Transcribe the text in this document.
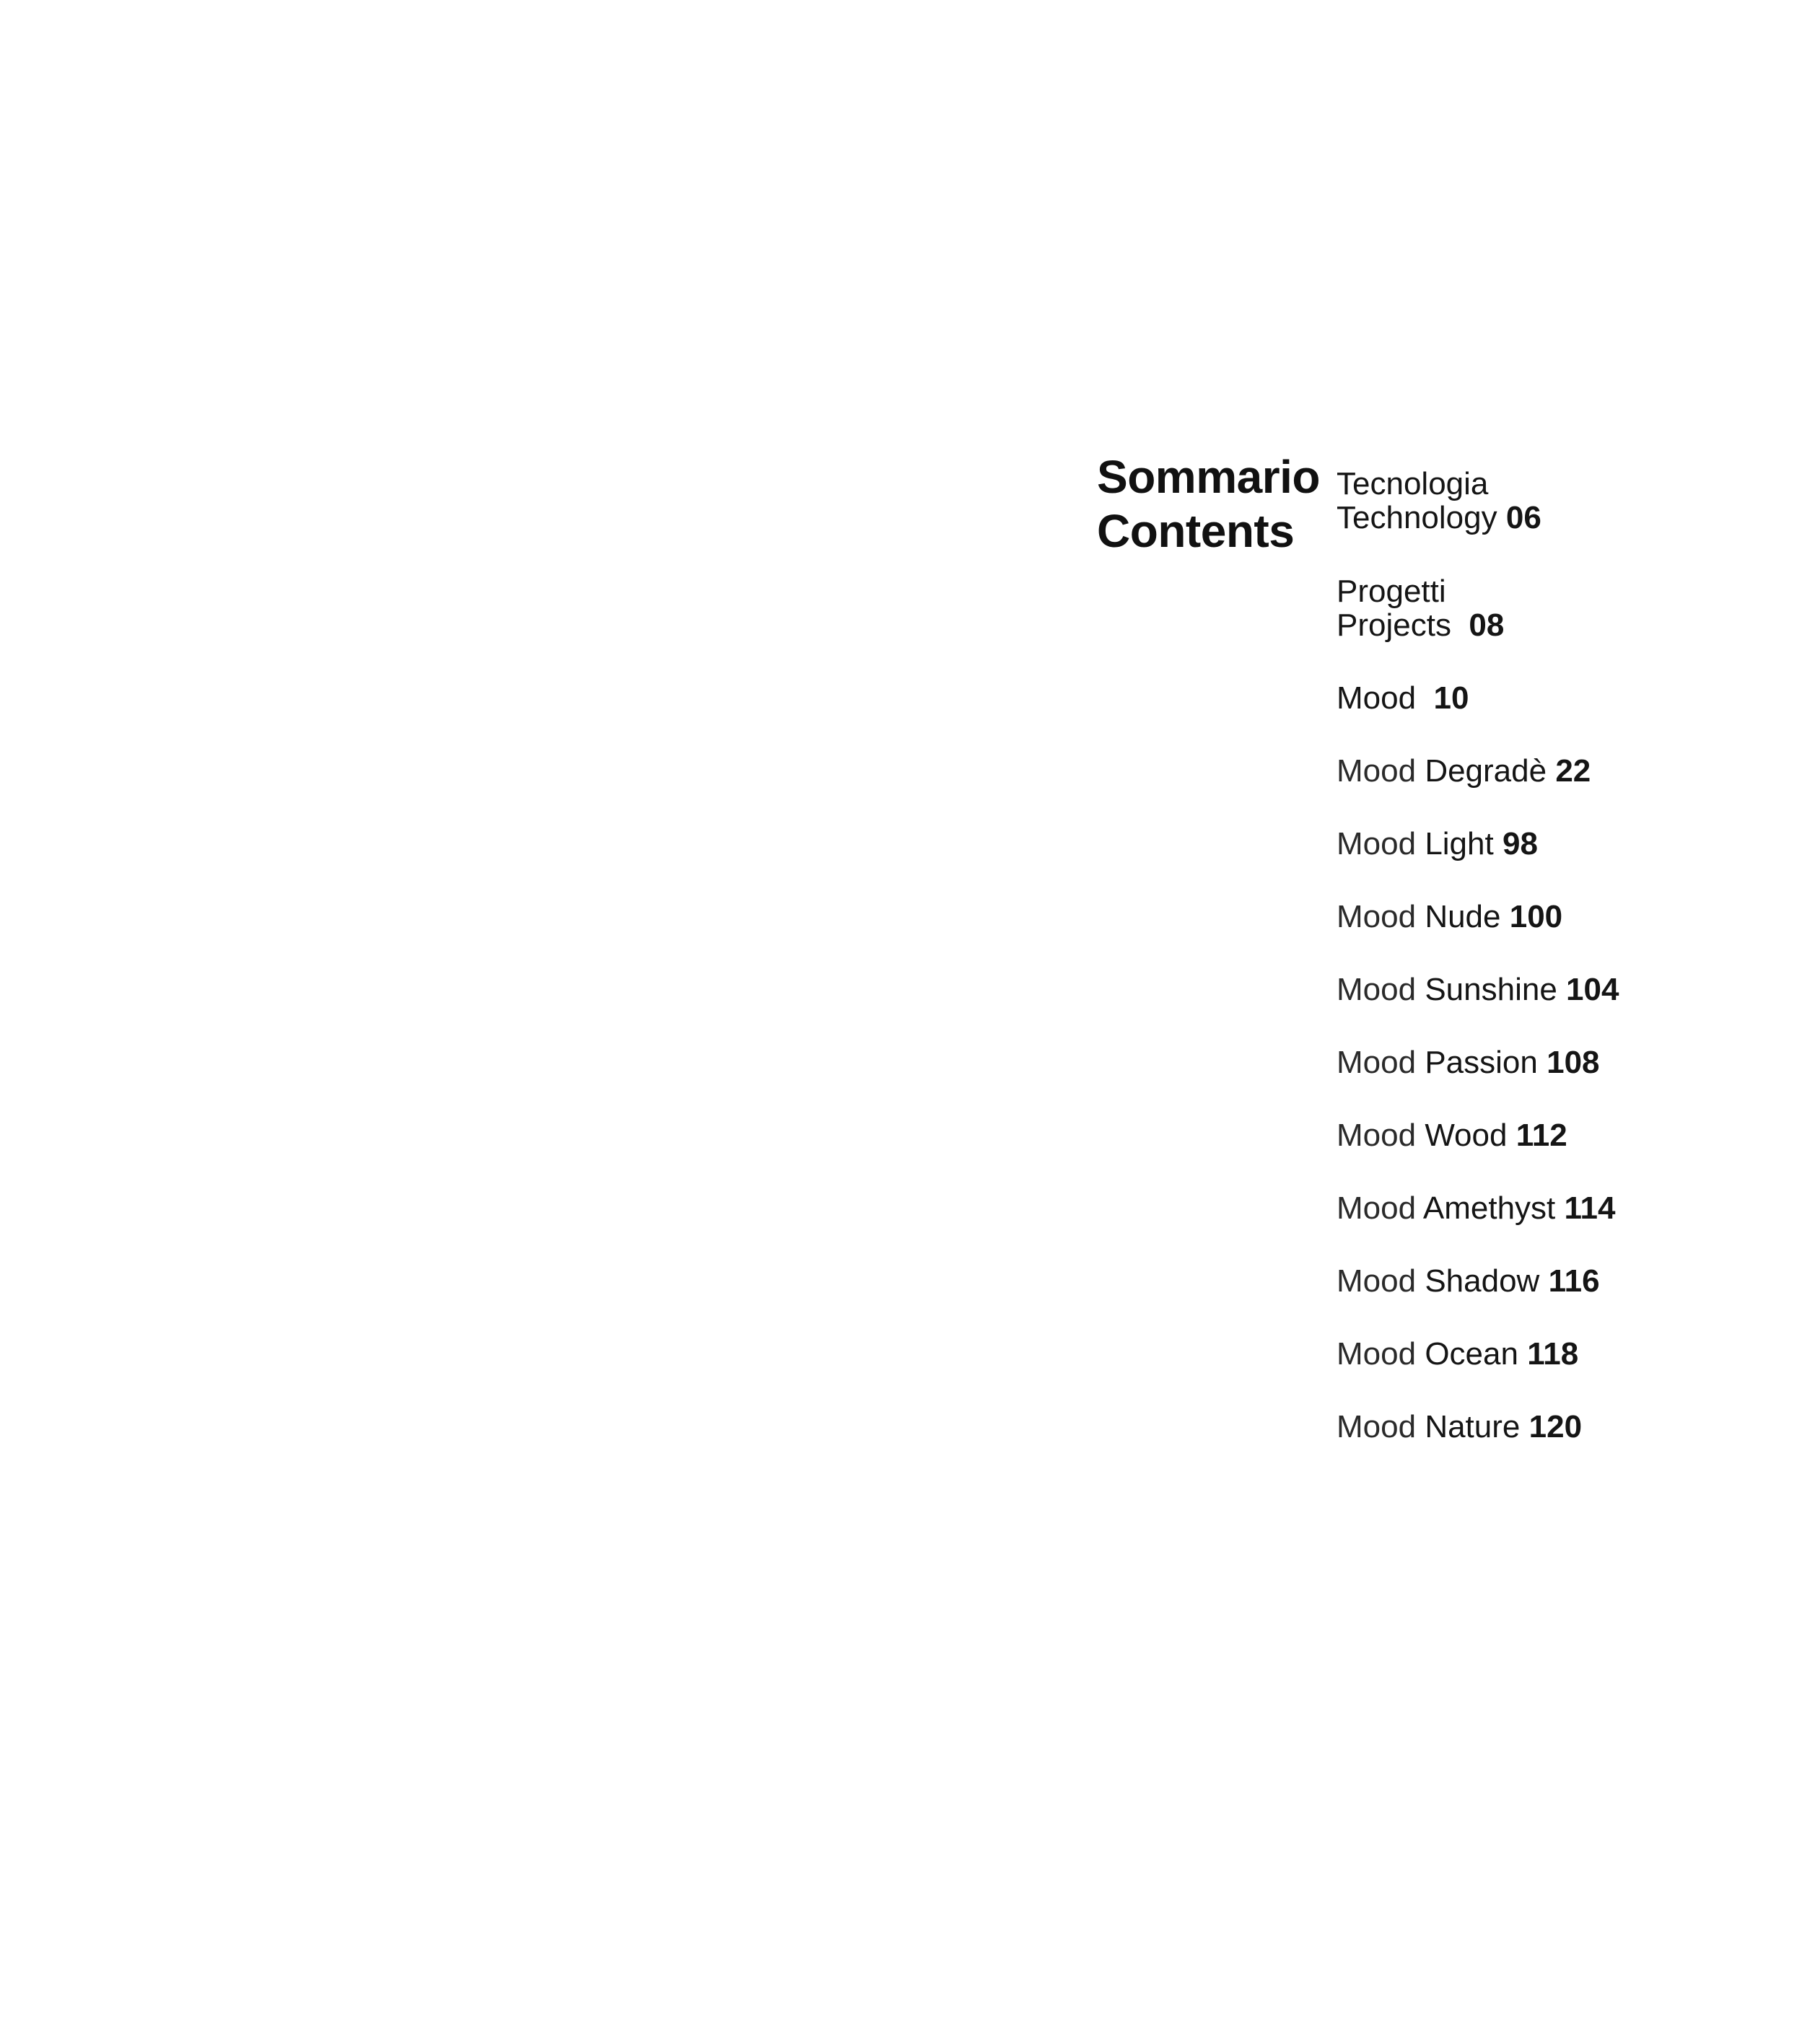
Sommario
Contents
Tecnologia
Technology 06
Progetti
Projects 08
Mood 10
Mood Degradè 22
Mood Light 98
Mood Nude 100
Mood Sunshine 104
Mood Passion 108
Mood Wood 112
Mood Amethyst 114
Mood Shadow 116
Mood Ocean 118
Mood Nature 120
